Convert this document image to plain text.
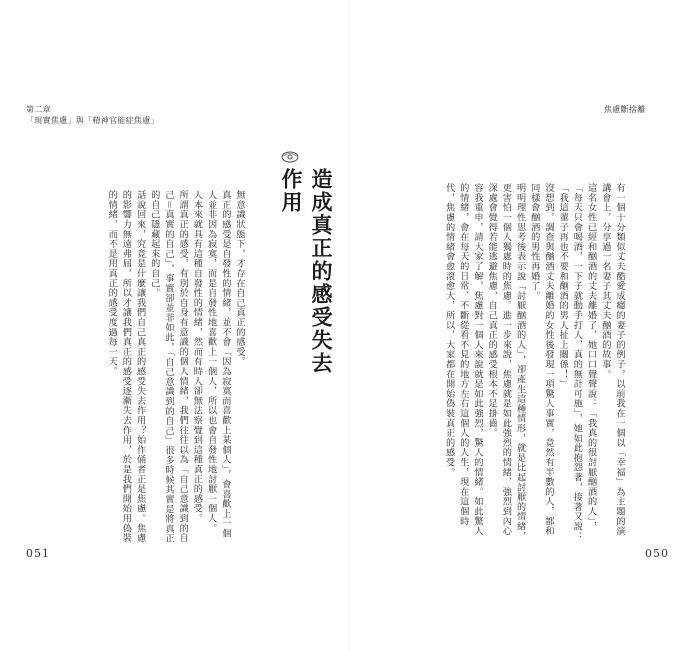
第二章
「現實焦慮」與「精神官能症焦慮」
造成真正的感受失去作用
無意識狀態下，才存在自己真正的感受。
真正的感受是自發性的情緒，並不會「因為寂寞而喜歡上某個人」，會喜歡上一個人並非因為寂寞，而是自發性地喜歡上一個人，所以也會自發性地討厭一個人。
人本來就具有這種自發性的情緒，然而有時人卻無法察覺到這種真正的感受。
所謂真正的感受，有別於自身有意識的個人情緒，我們往往以為「自己意識到的自己＝真實的自己」，事實卻並非如此，「自己意識到的自己」很多時候其實是將真正的自己隱藏起來的自己。
話說回來，究竟是什麼讓我們自己真正的感受失去作用？始作俑者正是焦慮。焦慮的影響力無遠弗屆，所以才讓我們真正的感受逐漸失去作用，於是我們開始用偽裝的情緒，而不是用真正的感受度過每一天。
051
焦慮斷捨離
有一個十分類似丈夫酷愛成癮的妻子的例子，以前我在一個以「幸福」為主題的演講會上，分享過一名妻子其丈夫酗酒的故事。
這名女性已經和酗酒的丈夫離婚了，她口口聲聲說：「我真的很討厭酗酒的人」，「每天只會喝酒，一下子就動手打人，真的無計可施」，她如此抱怨著，接著又說：「我這輩子再也不要和酗酒的男人扯上關係！」
沒想到，調查與酗酒丈夫離婚的女性後發現一項驚人事實，竟然有半數的人，都和同樣會酗酒的男性再婚了。
明明理性思考後表示說「討厭酗酒的人」，卻產生這種情形，就是比起討厭的情緒，更害怕一個人獨處時的焦慮。進一步來說，焦慮就是如此強烈的情緒，強烈到內心深處會覺得若能逃避焦慮，自己真正的感受根本不足掛齒。
容我重申，請大家了解，焦慮對一個人來說就是如此強烈，驚人的情緒。如此驚人的情緒，會在每天的日常、不斷從看不見的地方左右這個人的人生，現在這個時代，焦慮的情緒會愈滾愈大，所以，大家都在開始偽裝真正的感受。
050
